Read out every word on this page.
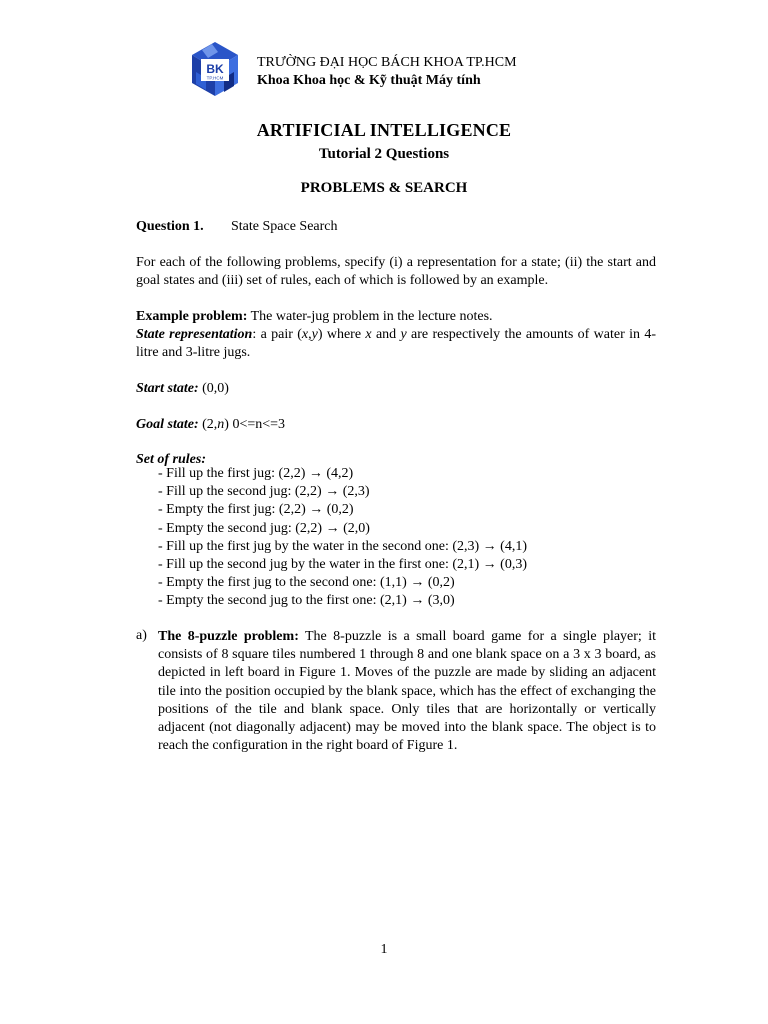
BK
TP.HCM
TRƯỜNG ĐẠI HỌC BÁCH KHOA TP.HCM
Khoa Khoa học & Kỹ thuật Máy tính
ARTIFICIAL INTELLIGENCE
Tutorial 2 Questions
PROBLEMS & SEARCH
Question 1. State Space Search
For each of the following problems, specify (i) a representation for a state; (ii) the start and goal states and (iii) set of rules, each of which is followed by an example.
Example problem: The water-jug problem in the lecture notes.
State representation: a pair (x,y) where x and y are respectively the amounts of water in 4-litre and 3-litre jugs.
Start state: (0,0)
Goal state: (2,n) 0<=n<=3
Set of rules:
- Fill up the first jug: (2,2) → (4,2)
- Fill up the second jug: (2,2) → (2,3)
- Empty the first jug: (2,2) → (0,2)
- Empty the second jug: (2,2) → (2,0)
- Fill up the first jug by the water in the second one: (2,3) → (4,1)
- Fill up the second jug by the water in the first one: (2,1) → (0,3)
- Empty the first jug to the second one: (1,1) → (0,2)
- Empty the second jug to the first one: (2,1) → (3,0)
a) The 8-puzzle problem: The 8-puzzle is a small board game for a single player; it consists of 8 square tiles numbered 1 through 8 and one blank space on a 3 x 3 board, as depicted in left board in Figure 1. Moves of the puzzle are made by sliding an adjacent tile into the position occupied by the blank space, which has the effect of exchanging the positions of the tile and blank space. Only tiles that are horizontally or vertically adjacent (not diagonally adjacent) may be moved into the blank space. The object is to reach the configuration in the right board of Figure 1.
1
